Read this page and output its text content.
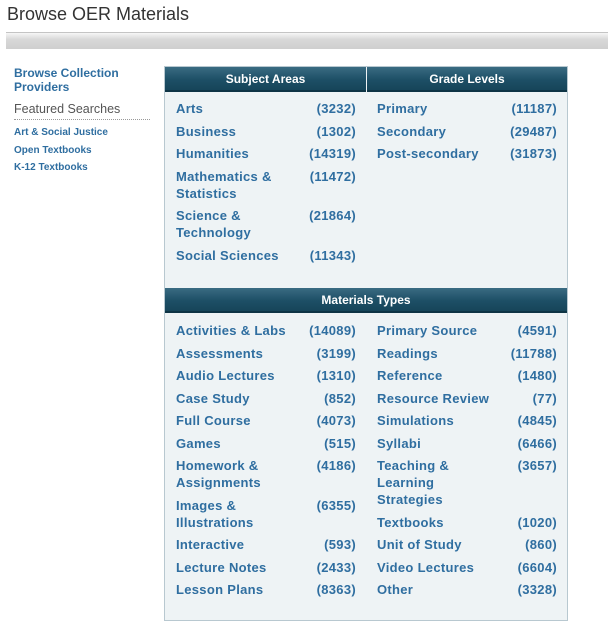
Browse OER Materials
Browse Collection Providers
Featured Searches
Art & Social Justice
Open Textbooks
K-12 Textbooks
Subject Areas	Grade Levels
Arts	(3232)
Business	(1302)
Humanities	(14319)
Mathematics & Statistics
(11472)
Science & Technology
(21864)
Social Sciences	(11343)
Primary	(11187)
Secondary	(29487)
Post-secondary	(31873)
Materials Types
Activities & Labs	(14089)
Assessments	(3199)
Audio Lectures	(1310)
Case Study	(852)
Full Course	(4073)
Games	(515)
Homework & Assignments
(4186)
Images & Illustrations
(6355)
Interactive	(593)
Lecture Notes	(2433)
Lesson Plans	(8363)
Primary Source	(4591)
Readings	(11788)
Reference	(1480)
Resource Review	(77)
Simulations	(4845)
Syllabi	(6466)
Teaching & Learning Strategies
(3657)
Textbooks	(1020)
Unit of Study	(860)
Video Lectures	(6604)
Other	(3328)
